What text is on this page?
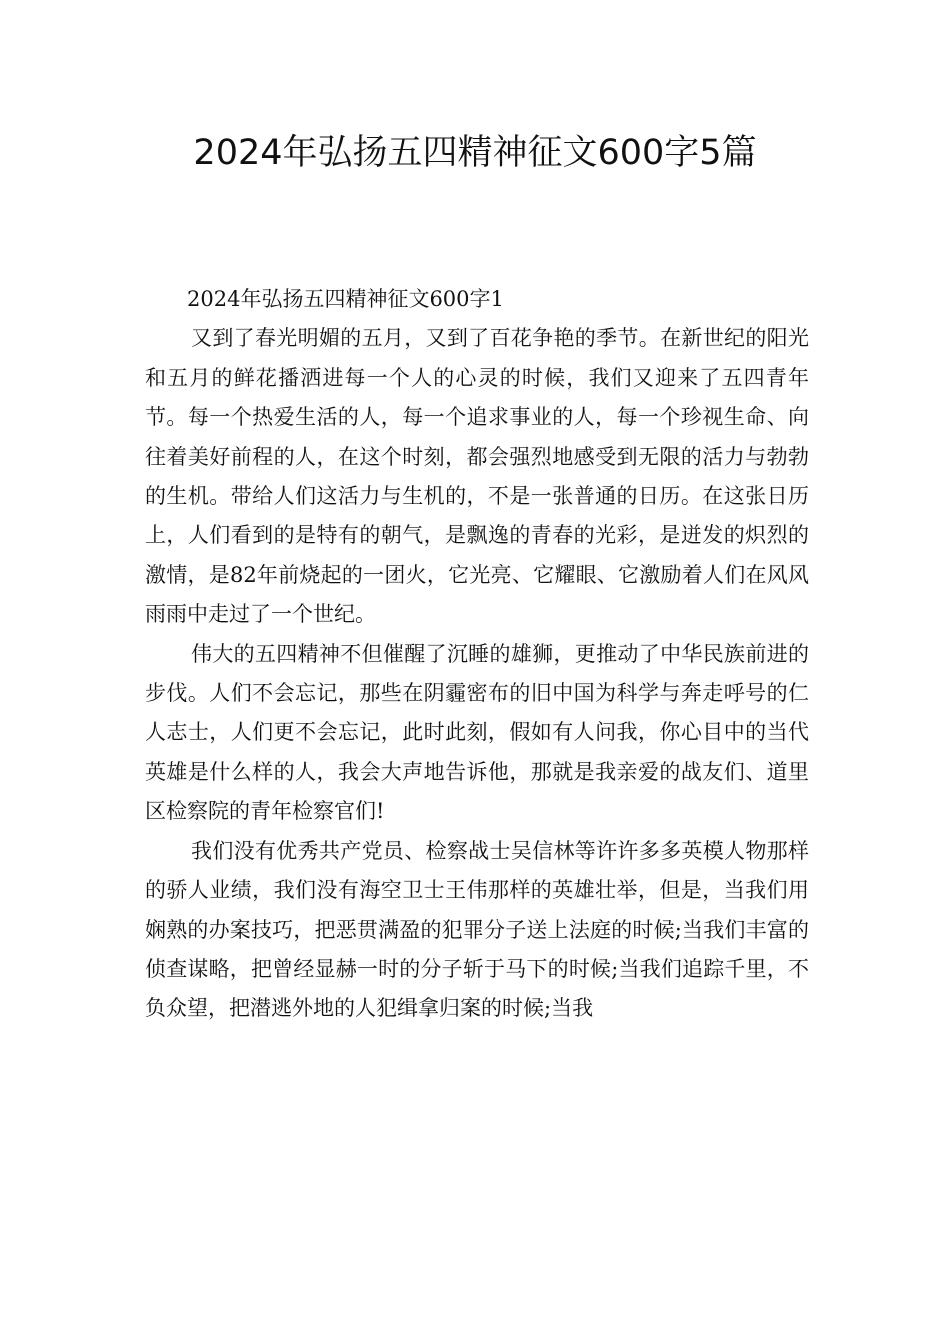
2024年弘扬五四精神征文600字5篇

2024年弘扬五四精神征文600字1

又到了春光明媚的五月，又到了百花争艳的季节。在新世纪的阳光和五月的鲜花播洒进每一个人的心灵的时候，我们又迎来了五四青年节。每一个热爱生活的人，每一个追求事业的人，每一个珍视生命、向往着美好前程的人，在这个时刻，都会强烈地感受到无限的活力与勃勃的生机。带给人们这活力与生机的，不是一张普通的日历。在这张日历上，人们看到的是特有的朝气，是飘逸的青春的光彩，是迸发的炽烈的激情，是82年前烧起的一团火，它光亮、它耀眼、它激励着人们在风风雨雨中走过了一个世纪。

伟大的五四精神不但催醒了沉睡的雄狮，更推动了中华民族前进的步伐。人们不会忘记，那些在阴霾密布的旧中国为科学与奔走呼号的仁人志士，人们更不会忘记，此时此刻，假如有人问我，你心目中的当代英雄是什么样的人，我会大声地告诉他，那就是我亲爱的战友们、道里区检察院的青年检察官们!

我们没有优秀共产党员、检察战士吴信林等许许多多英模人物那样的骄人业绩，我们没有海空卫士王伟那样的英雄壮举，但是，当我们用娴熟的办案技巧，把恶贯满盈的犯罪分子送上法庭的时候;当我们丰富的侦查谋略，把曾经显赫一时的分子斩于马下的时候;当我们追踪千里，不负众望，把潜逃外地的人犯缉拿归案的时候;当我
